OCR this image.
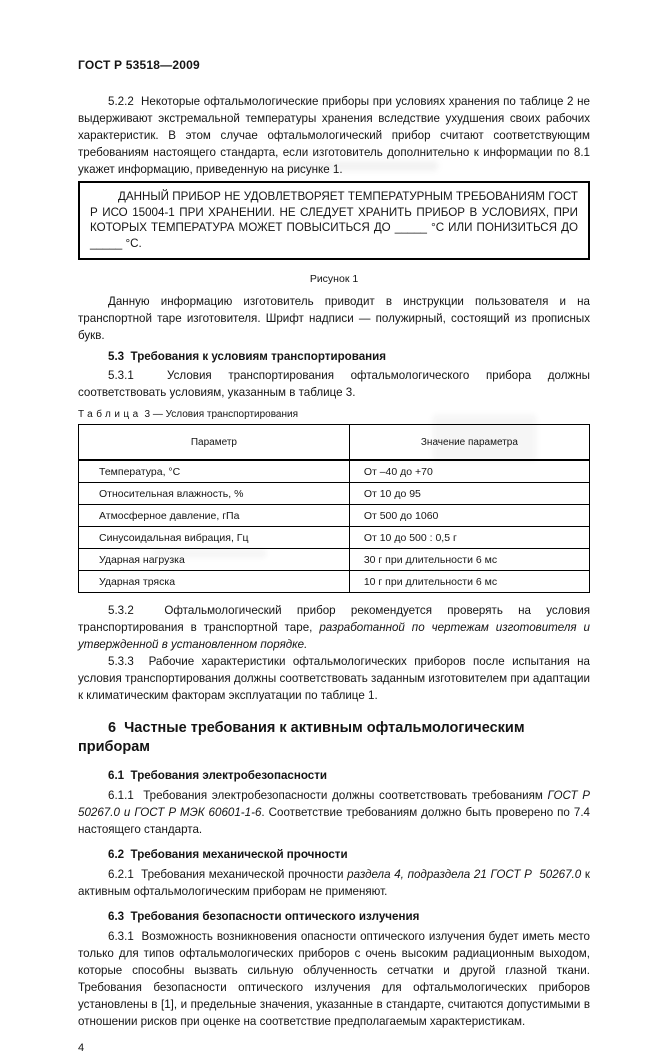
ГОСТ Р 53518—2009

5.2.2  Некоторые офтальмологические приборы при условиях хранения по таблице 2 не выдерживают экстремальной температуры хранения вследствие ухудшения своих рабочих характеристик. В этом случае офтальмологический прибор считают соответствующим требованиям настоящего стандарта, если изготовитель дополнительно к информации по 8.1 укажет информацию, приведенную на рисунке 1.

ДАННЫЙ ПРИБОР НЕ УДОВЛЕТВОРЯЕТ ТЕМПЕРАТУРНЫМ ТРЕБОВАНИЯМ ГОСТ Р ИСО 15004-1 ПРИ ХРАНЕНИИ. НЕ СЛЕДУЕТ ХРАНИТЬ ПРИБОР В УСЛОВИЯХ, ПРИ КОТОРЫХ ТЕМПЕРАТУРА МОЖЕТ ПОВЫСИТЬСЯ ДО _____ °С ИЛИ ПОНИЗИТЬСЯ ДО _____ °С.
Рисунок 1

Данную информацию изготовитель приводит в инструкции пользователя и на транспортной таре изготовителя. Шрифт надписи — полужирный, состоящий из прописных букв.

5.3  Требования к условиям транспортирования

5.3.1  Условия транспортирования офтальмологического прибора должны соответствовать условиям, указанным в таблице 3.

Таблица 3 — Условия транспортирования
Параметр	Значение параметра
Температура, °С	От –40 до +70
Относительная влажность, %	От 10 до 95
Атмосферное давление, гПа	От 500 до 1060
Синусоидальная вибрация, Гц	От 10 до 500 : 0,5 г
Ударная нагрузка	30 г при длительности 6 мс
Ударная тряска	10 г при длительности 6 мс

5.3.2  Офтальмологический прибор рекомендуется проверять на условия транспортирования в транспортной таре, разработанной по чертежам изготовителя и утвержденной в установленном порядке.

5.3.3  Рабочие характеристики офтальмологических приборов после испытания на условия транспортирования должны соответствовать заданным изготовителем при адаптации к климатическим факторам эксплуатации по таблице 1.

6  Частные требования к активным офтальмологическим приборам
6.1  Требования электробезопасности

6.1.1  Требования электробезопасности должны соответствовать требованиям ГОСТ Р 50267.0 и ГОСТ Р МЭК 60601-1-6. Соответствие требованиям должно быть проверено по 7.4 настоящего стандарта.

6.2  Требования механической прочности

6.2.1  Требования механической прочности раздела 4, подраздела 21 ГОСТ Р  50267.0 к активным офтальмологическим приборам не применяют.

6.3  Требования безопасности оптического излучения

6.3.1  Возможность возникновения опасности оптического излучения будет иметь место только для типов офтальмологических приборов с очень высоким радиационным выходом, которые способны вызвать сильную облученность сетчатки и другой глазной ткани. Требования безопасности оптического излучения для офтальмологических приборов установлены в [1], и предельные значения, указанные в стандарте, считаются допустимыми в отношении рисков при оценке на соответствие предполагаемым характеристикам.

4
